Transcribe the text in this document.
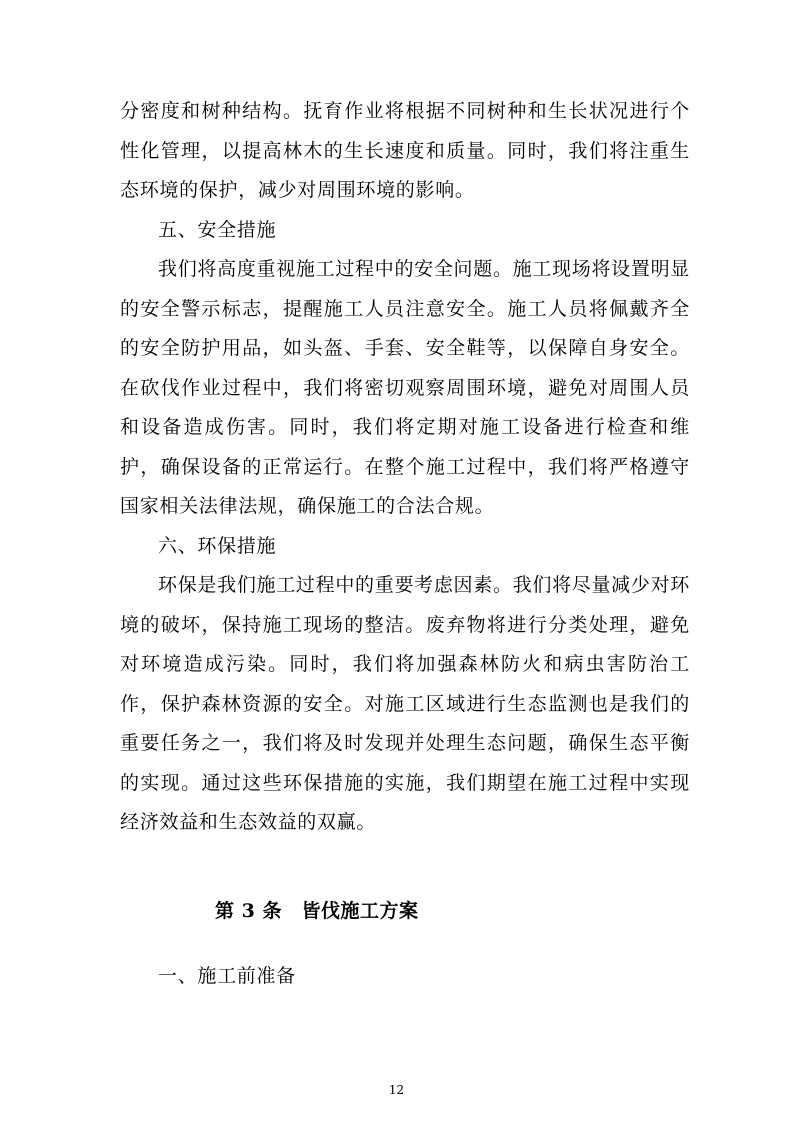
分密度和树种结构。抚育作业将根据不同树种和生长状况进行个性化管理，以提高林木的生长速度和质量。同时，我们将注重生态环境的保护，减少对周围环境的影响。

五、安全措施

我们将高度重视施工过程中的安全问题。施工现场将设置明显的安全警示标志，提醒施工人员注意安全。施工人员将佩戴齐全的安全防护用品，如头盔、手套、安全鞋等，以保障自身安全。在砍伐作业过程中，我们将密切观察周围环境，避免对周围人员和设备造成伤害。同时，我们将定期对施工设备进行检查和维护，确保设备的正常运行。在整个施工过程中，我们将严格遵守国家相关法律法规，确保施工的合法合规。

六、环保措施

环保是我们施工过程中的重要考虑因素。我们将尽量减少对环境的破坏，保持施工现场的整洁。废弃物将进行分类处理，避免对环境造成污染。同时，我们将加强森林防火和病虫害防治工作，保护森林资源的安全。对施工区域进行生态监测也是我们的重要任务之一，我们将及时发现并处理生态问题，确保生态平衡的实现。通过这些环保措施的实施，我们期望在施工过程中实现经济效益和生态效益的双赢。

第 3 条　皆伐施工方案
一、施工前准备
12
